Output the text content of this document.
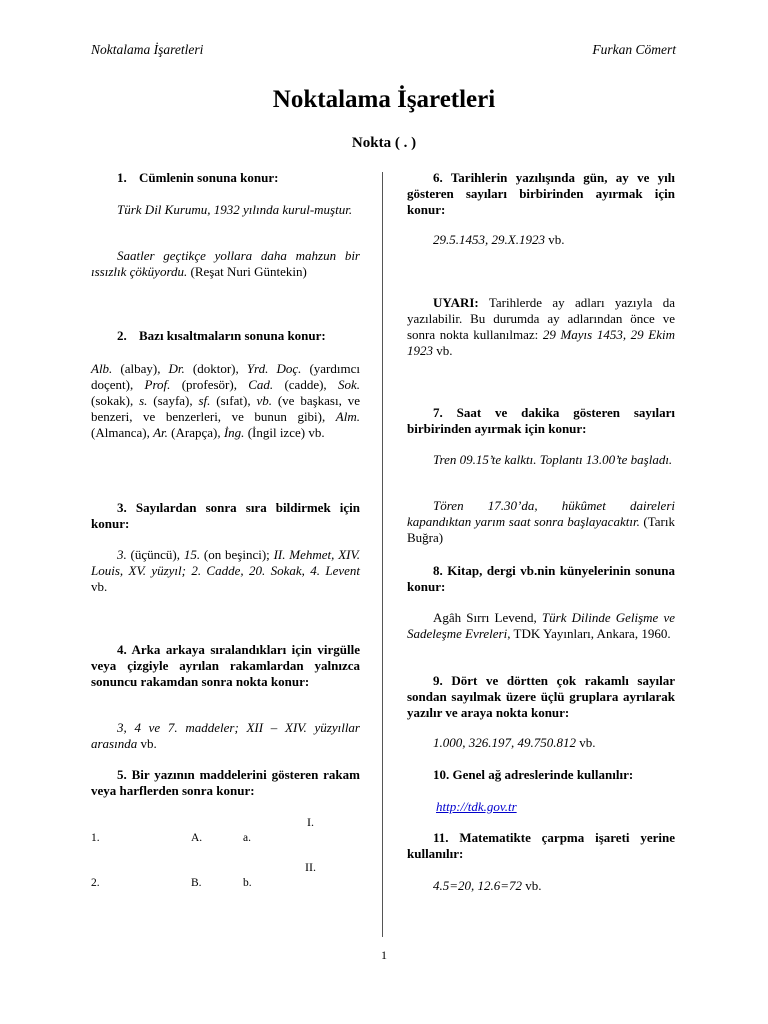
Noktalama İşaretleri	Furkan Cömert
Noktalama İşaretleri
Nokta ( . )
1. Cümlenin sonuna konur:
Türk Dil Kurumu, 1932 yılında kurul-muştur.
Saatler geçtikçe yollara daha mahzun bir ıssızlık çöküyordu. (Reşat Nuri Güntekin)
2. Bazı kısaltmaların sonuna konur:
Alb. (albay), Dr. (doktor), Yrd. Doç. (yardımcı doçent), Prof. (profesör), Cad. (cadde), Sok. (sokak), s. (sayfa), sf. (sıfat), vb. (ve başkası, ve benzeri, ve benzerleri, ve bunun gibi), Alm. (Almanca), Ar. (Arapça), İng. (İngil izce) vb.
3. Sayılardan sonra sıra bildirmek için konur:
3. (üçüncü), 15. (on beşinci); II. Mehmet, XIV. Louis, XV. yüzyıl; 2. Cadde, 20. Sokak, 4. Levent vb.
4. Arka arkaya sıralandıkları için virgülle veya çizgiyle ayrılan rakamlardan yalnızca sonuncu rakamdan sonra nokta konur:
3, 4 ve 7. maddeler; XII – XIV. yüzyıllar arasında vb.
5. Bir yazının maddelerini gösteren rakam veya harflerden sonra konur:
I.
1.	A.	a.
II.
2.	B.	b.
6. Tarihlerin yazılışında gün, ay ve yılı gösteren sayıları birbirinden ayırmak için konur:
29.5.1453, 29.X.1923 vb.
UYARI: Tarihlerde ay adları yazıyla da yazılabilir. Bu durumda ay adlarından önce ve sonra nokta kullanılmaz: 29 Mayıs 1453, 29 Ekim 1923 vb.
7. Saat ve dakika gösteren sayıları birbirinden ayırmak için konur:
Tren 09.15’te kalktı. Toplantı 13.00’te başladı.
Tören 17.30’da, hükûmet daireleri kapandıktan yarım saat sonra başlayacaktır. (Tarık Buğra)
8. Kitap, dergi vb.nin künyelerinin sonuna konur:
Agâh Sırrı Levend, Türk Dilinde Gelişme ve Sadeleşme Evreleri, TDK Yayınları, Ankara, 1960.
9. Dört ve dörtten çok rakamlı sayılar sondan sayılmak üzere üçlü gruplara ayrılarak yazılır ve araya nokta konur:
1.000, 326.197, 49.750.812 vb.
10. Genel ağ adreslerinde kullanılır:
http://tdk.gov.tr
11. Matematikte çarpma işareti yerine kullanılır:
4.5=20, 12.6=72 vb.
1
